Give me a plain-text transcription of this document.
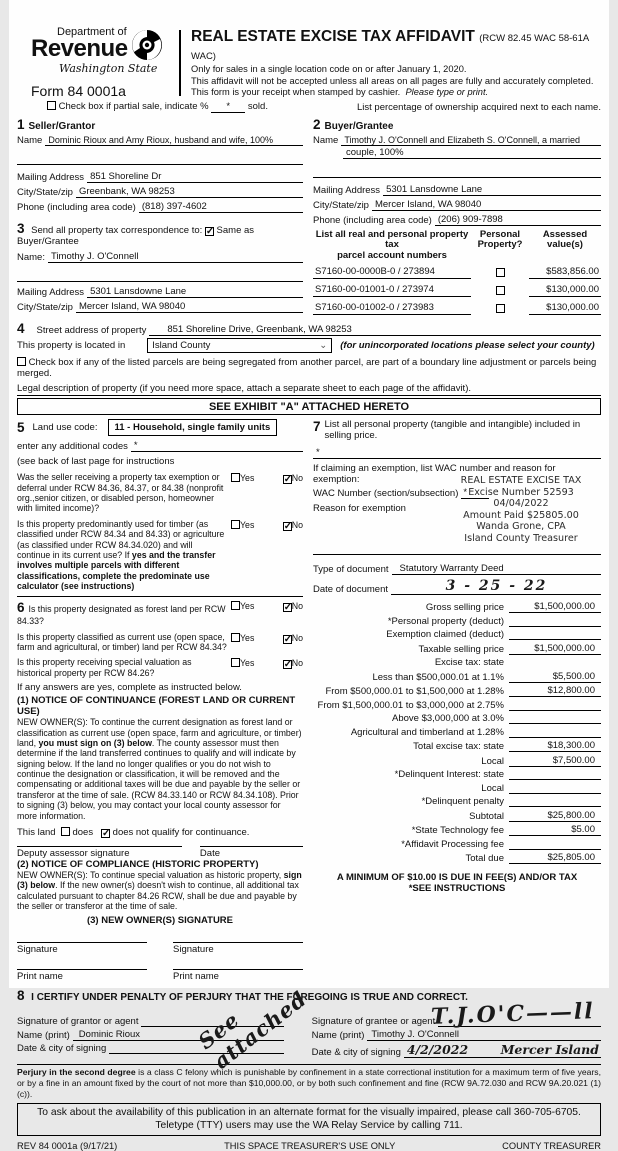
Department of
Revenue
Washington State
Form 84 0001a
REAL ESTATE EXCISE TAX AFFIDAVIT (RCW 82.45 WAC 58-61A WAC)
Only for sales in a single location code on or after January 1, 2020.
This affidavit will not be accepted unless all areas on all pages are fully and accurately completed.
This form is your receipt when stamped by cashier. Please type or print.
Check box if partial sale, indicate % * sold.	List percentage of ownership acquired next to each name.
1 Seller/Grantor
Name Dominic Rioux and Amy Rioux, husband and wife, 100%
Mailing Address 851 Shoreline Dr
City/State/zip Greenbank, WA 98253
Phone (including area code) (818) 397-4602
3 Send all property tax correspondence to: ✓ Same as Buyer/Grantee
Name: Timothy J. O'Connell
Mailing Address 5301 Lansdowne Lane
City/State/zip Mercer Island, WA 98040
2 Buyer/Grantee
Name Timothy J. O'Connell and Elizabeth S. O'Connell, a married
couple, 100%
Mailing Address 5301 Lansdowne Lane
City/State/zip Mercer Island, WA 98040
Phone (including area code) (206) 909-7898
List all real and personal property tax
parcel account numbers
Personal
Property?
Assessed
value(s)
S7160-00-0000B-0 / 273894	$583,856.00
S7160-00-01001-0 / 273974	$130,000.00
S7160-00-01002-0 / 273983	$130,000.00
4	Street address of property	851 Shoreline Drive, Greenbank, WA 98253
This property is located in	Island County	⌄	(for unincorporated locations please select your county)
Check box if any of the listed parcels are being segregated from another parcel, are part of a boundary line adjustment or parcels being merged.
Legal description of property (if you need more space, attach a separate sheet to each page of the affidavit).
SEE EXHIBIT "A" ATTACHED HERETO
5 Land use code:	11 - Household, single family units
enter any additional codes *
(see back of last page for instructions
Was the seller receiving a property tax exemption or deferral under RCW 84.36, 84.37, or 84.38 (nonprofit org.,senior citizen, or disabled person, homeowner with limited income)?
Yes	✓No
Is this property predominantly used for timber (as classified under RCW 84.34 and 84.33) or agriculture (as classified under RCW 84.34.020) and will continue in its current use? If yes and the transfer involves multiple parcels with different classifications, complete the predominate use calculator (see instructions)
Yes	✓No
6 Is this property designated as forest land per RCW 84.33?
Yes	✓No
Is this property classified as current use (open space, farm and agricultural, or timber) land per RCW 84.34?
Yes	✓No
Is this property receiving special valuation as historical property per RCW 84.26?
Yes	✓No
If any answers are yes, complete as instructed below.
(1) NOTICE OF CONTINUANCE (FOREST LAND OR CURRENT USE)
NEW OWNER(S): To continue the current designation as forest land or classification as current use (open space, farm and agriculture, or timber) land, you must sign on (3) below. The county assessor must then determine if the land transferred continues to qualify and will indicate by signing below. If the land no longer qualifies or you do not wish to continue the designation or classification, it will be removed and the compensating or additional taxes will be due and payable by the seller or transferor at the time of sale. (RCW 84.33.140 or RCW 84.34.108). Prior to signing (3) below, you may contact your local county assessor for more information.
This land does ✓ does not qualify for continuance.
Deputy assessor signature	Date
(2) NOTICE OF COMPLIANCE (HISTORIC PROPERTY)
NEW OWNER(S): To continue special valuation as historic property, sign (3) below. If the new owner(s) doesn't wish to continue, all additional tax calculated pursuant to chapter 84.26 RCW, shall be due and payable by the seller or transferor at the time of sale.
(3) NEW OWNER(S) SIGNATURE
Signature	Signature
Print name	Print name
7 List all personal property (tangible and intangible) included in selling price.
*
If claiming an exemption, list WAC number and reason for exemption:
WAC Number (section/subsection) *
Reason for exemption
REAL ESTATE EXCISE TAX
Excise Number 52593
04/04/2022
Amount Paid $25805.00
Wanda Grone, CPA
Island County Treasurer
Type of document	Statutory Warranty Deed
Date of document	3 - 25 - 22
Gross selling price	$1,500,000.00
*Personal property (deduct)
Exemption claimed (deduct)
Taxable selling price	$1,500,000.00
Excise tax: state
Less than $500,000.01 at 1.1%	$5,500.00
From $500,000.01 to $1,500,000 at 1.28%	$12,800.00
From $1,500,000.01 to $3,000,000 at 2.75%
Above $3,000,000 at 3.0%
Agricultural and timberland at 1.28%
Total excise tax: state	$18,300.00
Local	$7,500.00
*Delinquent Interest: state
Local
*Delinquent penalty
Subtotal	$25,800.00
*State Technology fee	$5.00
*Affidavit Processing fee
Total due	$25,805.00
A MINIMUM OF $10.00 IS DUE IN FEE(S) AND/OR TAX
*SEE INSTRUCTIONS
8 I CERTIFY UNDER PENALTY OF PERJURY THAT THE FOREGOING IS TRUE AND CORRECT.
See attached
Signature of grantor or agent
Name (print) Dominic Rioux
Date & city of signing
T.J.O'C——ll
Signature of grantee or agent
Name (print) Timothy J. O'Connell
Date & city of signing 4/2/2022	Mercer Island
Perjury in the second degree is a class C felony which is punishable by confinement in a state correctional institution for a maximum term of five years, or by a fine in an amount fixed by the court of not more than $10,000.00, or by both such confinement and fine (RCW 9A.72.030 and RCW 9A.20.021 (1)(c)).
To ask about the availability of this publication in an alternate format for the visually impaired, please call 360-705-6705. Teletype (TTY) users may use the WA Relay Service by calling 711.
REV 84 0001a (9/17/21)	THIS SPACE TREASURER'S USE ONLY	COUNTY TREASURER
